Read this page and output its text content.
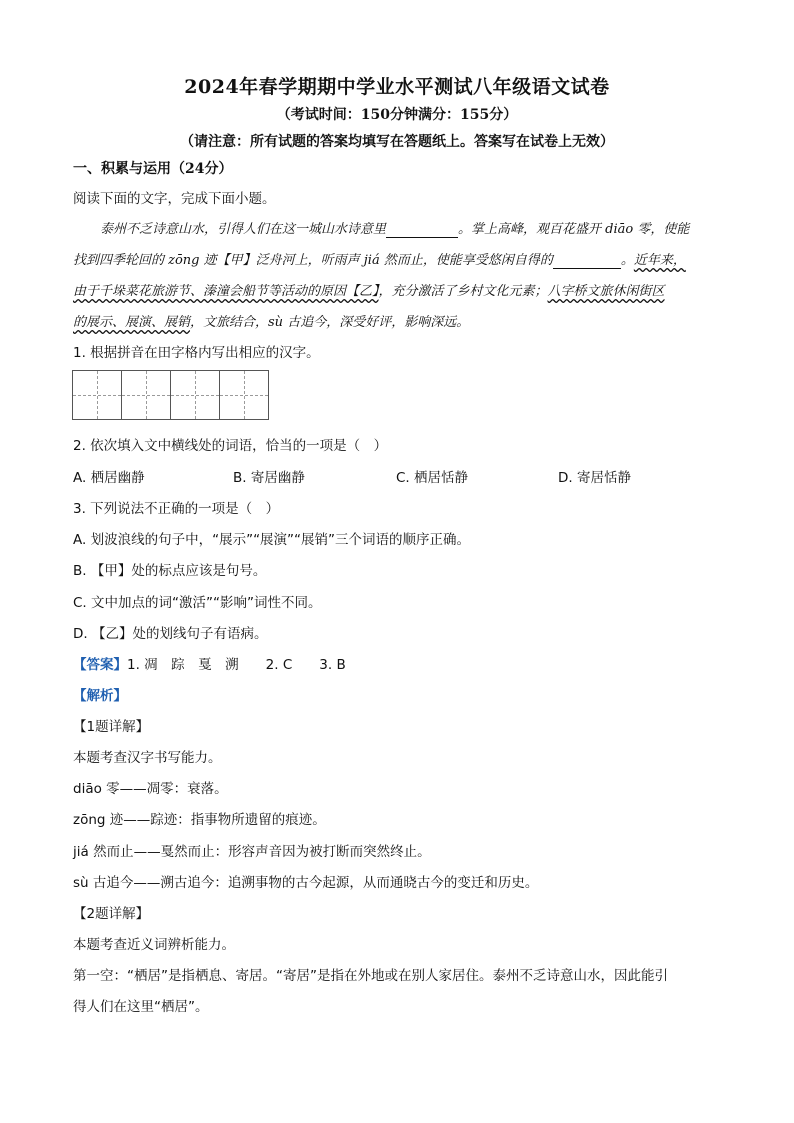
2024年春学期期中学业水平测试八年级语文试卷
（考试时间：150分钟满分：155分）
（请注意：所有试题的答案均填写在答题纸上。答案写在试卷上无效）
一、积累与运用（24分）
阅读下面的文字，完成下面小题。
泰州不乏诗意山水，引得人们在这一城山水诗意里	。掌上高峰，观百花盛开 diāo 零，使能
找到四季轮回的 zōng 迹【甲】泛舟河上，听雨声 jiá 然而止，使能享受悠闲自得的	。近年来，
由于千垛菜花旅游节、溱潼会船节等活动的原因【乙】，充分激活了乡村文化元素；八字桥文旅休闲街区
的展示、展演、展销，文旅结合，sù 古追今，深受好评，影响深远。
1. 根据拼音在田字格内写出相应的汉字。
2. 依次填入文中横线处的词语，恰当的一项是（　）
A. 栖居幽静	B. 寄居幽静	C. 栖居恬静	D. 寄居恬静
3. 下列说法不正确的一项是（　）
A. 划波浪线的句子中，“展示”“展演”“展销”三个词语的顺序正确。
B. 【甲】处的标点应该是句号。
C. 文中加点的词“激活”“影响”词性不同。
D. 【乙】处的划线句子有语病。
【答案】1. 凋　踪　戛　溯　　2. C　　3. B
【解析】
【1题详解】
本题考查汉字书写能力。
diāo 零——凋零：衰落。
zōng 迹——踪迹：指事物所遗留的痕迹。
jiá 然而止——戛然而止：形容声音因为被打断而突然终止。
sù 古追今——溯古追今：追溯事物的古今起源，从而通晓古今的变迁和历史。
【2题详解】
本题考查近义词辨析能力。
第一空：“栖居”是指栖息、寄居。“寄居”是指在外地或在别人家居住。泰州不乏诗意山水，因此能引
得人们在这里“栖居”。
